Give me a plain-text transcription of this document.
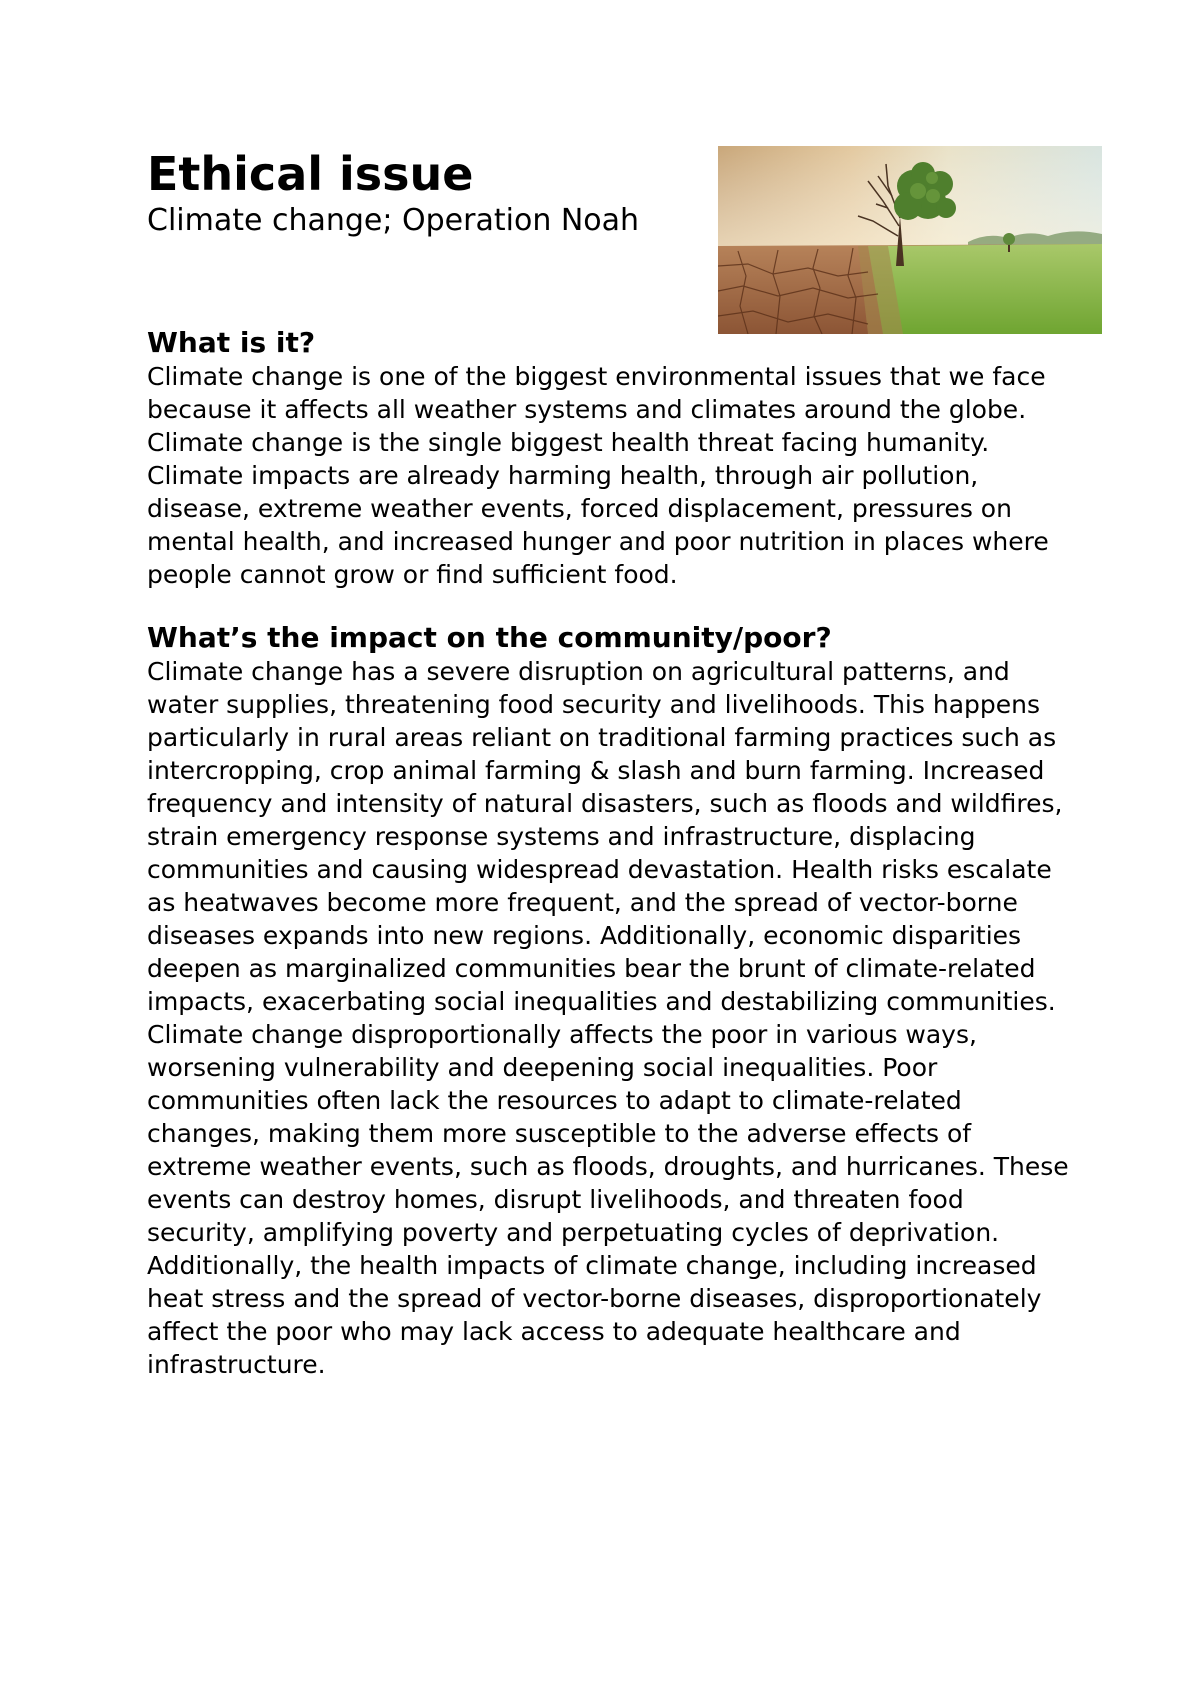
Ethical issue
Climate change; Operation Noah
What is it?

Climate change is one of the biggest environmental issues that we face because it affects all weather systems and climates around the globe. Climate change is the single biggest health threat facing humanity. Climate impacts are already harming health, through air pollution, disease, extreme weather events, forced displacement, pressures on mental health, and increased hunger and poor nutrition in places where people cannot grow or find sufficient food.

What’s the impact on the community/poor?

Climate change has a severe disruption on agricultural patterns, and water supplies, threatening food security and livelihoods. This happens particularly in rural areas reliant on traditional farming practices such as intercropping, crop animal farming & slash and burn farming. Increased frequency and intensity of natural disasters, such as floods and wildfires, strain emergency response systems and infrastructure, displacing communities and causing widespread devastation. Health risks escalate as heatwaves become more frequent, and the spread of vector-borne diseases expands into new regions. Additionally, economic disparities deepen as marginalized communities bear the brunt of climate-related impacts, exacerbating social inequalities and destabilizing communities. Climate change disproportionally affects the poor in various ways, worsening vulnerability and deepening social inequalities. Poor communities often lack the resources to adapt to climate-related changes, making them more susceptible to the adverse effects of extreme weather events, such as floods, droughts, and hurricanes. These events can destroy homes, disrupt livelihoods, and threaten food security, amplifying poverty and perpetuating cycles of deprivation. Additionally, the health impacts of climate change, including increased heat stress and the spread of vector-borne diseases, disproportionately affect the poor who may lack access to adequate healthcare and infrastructure.
